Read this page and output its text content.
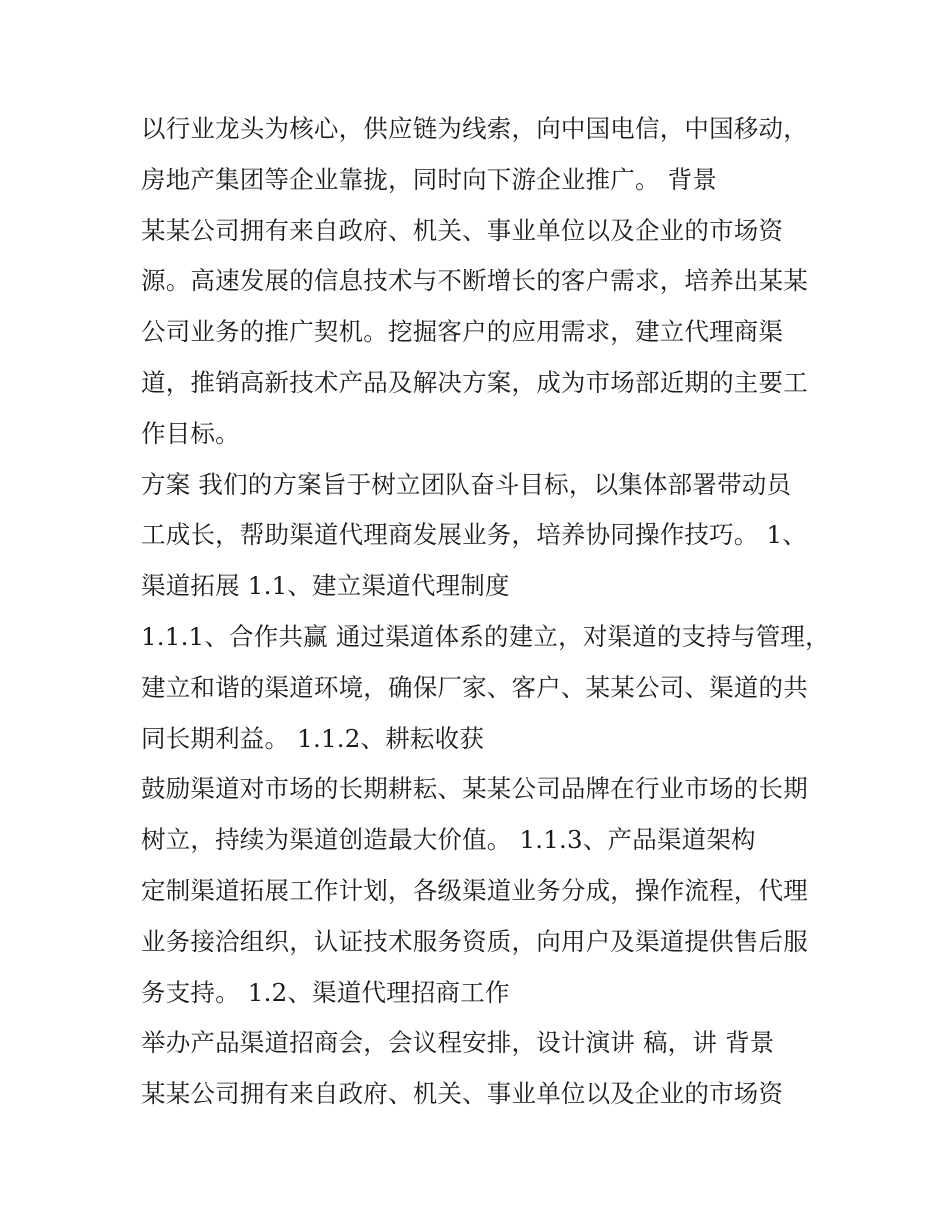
以行业龙头为核心，供应链为线索，向中国电信，中国移动，
房地产集团等企业靠拢，同时向下游企业推广。 背景
某某公司拥有来自政府、机关、事业单位以及企业的市场资
源。高速发展的信息技术与不断增长的客户需求，培养出某某
公司业务的推广契机。挖掘客户的应用需求，建立代理商渠
道，推销高新技术产品及解决方案，成为市场部近期的主要工
作目标。
方案 我们的方案旨于树立团队奋斗目标，以集体部署带动员
工成长，帮助渠道代理商发展业务，培养协同操作技巧。 1、
渠道拓展 1.1、建立渠道代理制度
1.1.1、合作共赢 通过渠道体系的建立，对渠道的支持与管理，
建立和谐的渠道环境，确保厂家、客户、某某公司、渠道的共
同长期利益。 1.1.2、耕耘收获
鼓励渠道对市场的长期耕耘、某某公司品牌在行业市场的长期
树立，持续为渠道创造最大价值。 1.1.3、产品渠道架构
定制渠道拓展工作计划，各级渠道业务分成，操作流程，代理
业务接洽组织，认证技术服务资质，向用户及渠道提供售后服
务支持。 1.2、渠道代理招商工作
举办产品渠道招商会，会议程安排，设计演讲 稿，讲 背景
某某公司拥有来自政府、机关、事业单位以及企业的市场资
